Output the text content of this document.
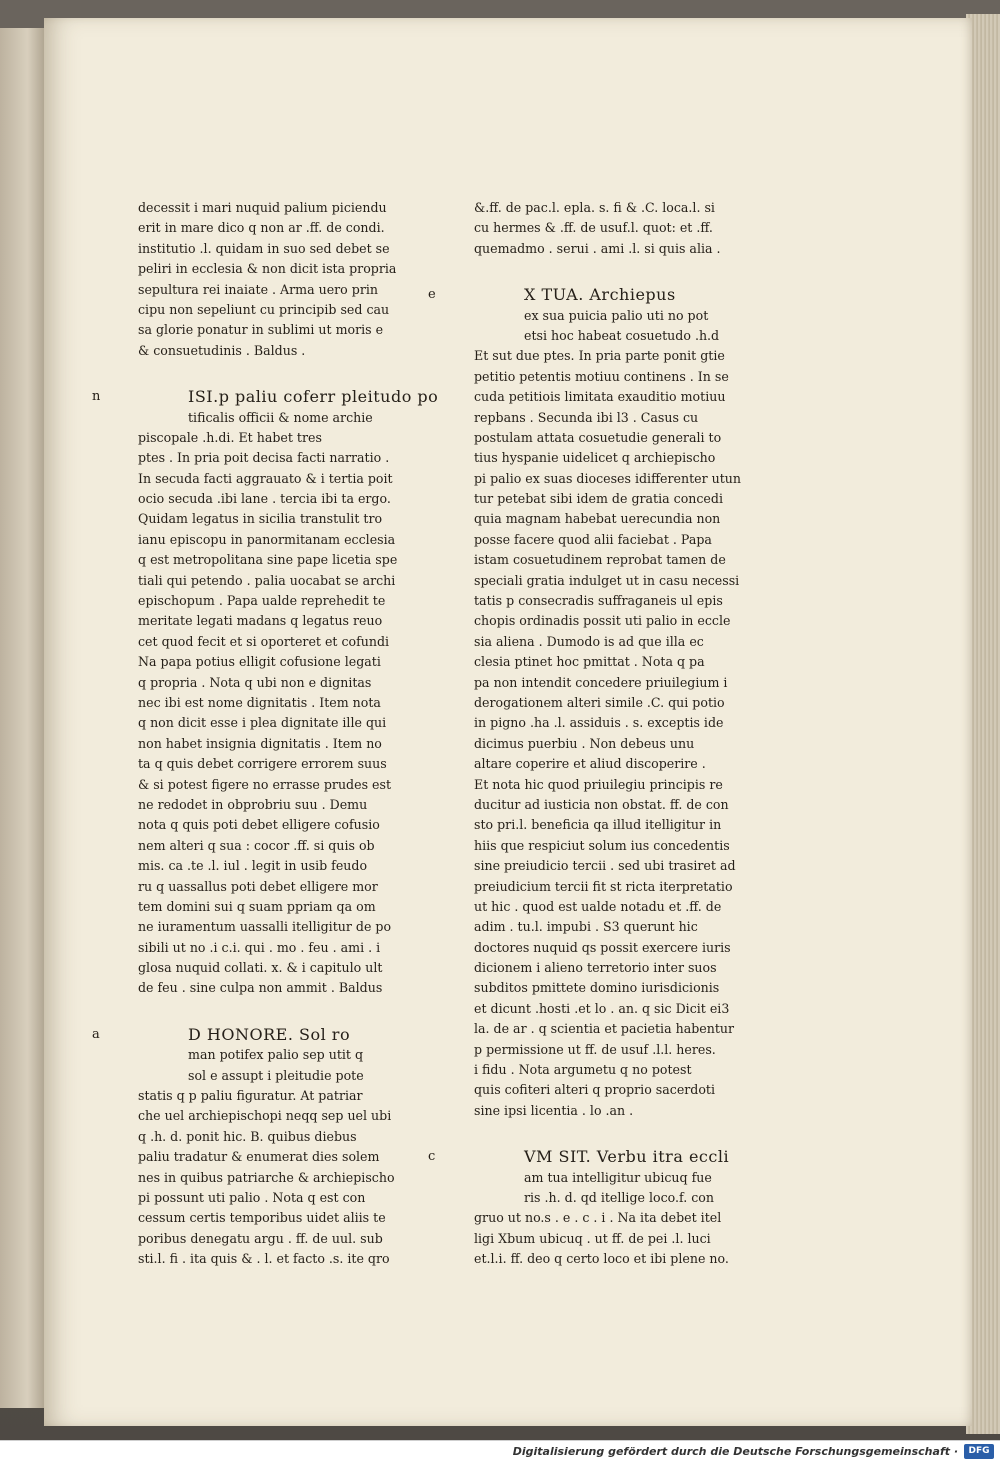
decessit i mari nuquid palium piciendu
erit in mare dico q non ar .ff. de condi.
institutio .l. quidam in suo sed debet se
peliri in ecclesia & non dicit ista propria
sepultura rei inaiate . Arma uero prin
cipu non sepeliunt cu principib sed cau
sa glorie ponatur in sublimi ut moris e
& consuetudinis . Baldus .
n	ISI.p paliu coferr pleitudo po
tificalis officii & nome archie
piscopale .h.di. Et habet tres
ptes . In pria poit decisa facti narratio .
In secuda facti aggrauato & i tertia poit
ocio secuda .ibi lane . tercia ibi ta ergo.
Quidam legatus in sicilia transtulit tro
ianu episcopu in panormitanam ecclesia
q est metropolitana sine pape licetia spe
tiali qui petendo . palia uocabat se archi
epischopum . Papa ualde reprehedit te
meritate legati madans q legatus reuo
cet quod fecit et si oporteret et cofundi
Na papa potius elligit cofusione legati
q propria . Nota q ubi non e dignitas
nec ibi est nome dignitatis . Item nota
q non dicit esse i plea dignitate ille qui
non habet insignia dignitatis . Item no
ta q quis debet corrigere errorem suus
& si potest figere no errasse prudes est
ne redodet in obprobriu suu . Demu
nota q quis poti debet elligere cofusio
nem alteri q sua : cocor .ff. si quis ob
mis. ca .te .l. iul . legit in usib feudo
ru q uassallus poti debet elligere mor
tem domini sui q suam ppriam qa om
ne iuramentum uassalli itelligitur de po
sibili ut no .i c.i. qui . mo . feu . ami . i
glosa nuquid collati. x. & i capitulo ult
de feu . sine culpa non ammit . Baldus
a	D HONORE. Sol ro
man potifex palio sep utit q
sol e assupt i pleitudie pote
statis q p paliu figuratur. At patriar
che uel archiepischopi neqq sep uel ubi
q .h. d. ponit hic. B. quibus diebus
paliu tradatur & enumerat dies solem
nes in quibus patriarche & archiepischo
pi possunt uti palio . Nota q est con
cessum certis temporibus uidet aliis te
poribus denegatu argu . ff. de uul. sub
sti.l. fi . ita quis & . l. et facto .s. ite qro
&.ff. de pac.l. epla. s. fi & .C. loca.l. si
cu hermes & .ff. de usuf.l. quot: et .ff.
quemadmo . serui . ami .l. si quis alia .
e	X TUA. Archiepus
ex sua puicia palio uti no pot
etsi hoc habeat cosuetudo .h.d
Et sut due ptes. In pria parte ponit gtie
petitio petentis motiuu continens . In se
cuda petitiois limitata exauditio motiuu
repbans . Secunda ibi l3 . Casus cu
postulam attata cosuetudie generali to
tius hyspanie uidelicet q archiepischo
pi palio ex suas dioceses idifferenter utun
tur petebat sibi idem de gratia concedi
quia magnam habebat uerecundia non
posse facere quod alii faciebat . Papa
istam cosuetudinem reprobat tamen de
speciali gratia indulget ut in casu necessi
tatis p consecradis suffraganeis ul epis
chopis ordinadis possit uti palio in eccle
sia aliena . Dumodo is ad que illa ec
clesia ptinet hoc pmittat . Nota q pa
pa non intendit concedere priuilegium i
derogationem alteri simile .C. qui potio
in pigno .ha .l. assiduis . s. exceptis ide
dicimus puerbiu . Non debeus unu
altare coperire et aliud discoperire .
Et nota hic quod priuilegiu principis re
ducitur ad iusticia non obstat. ff. de con
sto pri.l. beneficia qa illud itelligitur in
hiis que respiciut solum ius concedentis
sine preiudicio tercii . sed ubi trasiret ad
preiudicium tercii fit st ricta iterpretatio
ut hic . quod est ualde notadu et .ff. de
adim . tu.l. impubi . S3 querunt hic
doctores nuquid qs possit exercere iuris
dicionem i alieno terretorio inter suos
subditos pmittete domino iurisdicionis
et dicunt .hosti .et lo . an. q sic Dicit ei3
la. de ar . q scientia et pacietia habentur
p permissione ut ff. de usuf .l.l. heres.
i fidu . Nota argumetu q no potest
quis cofiteri alteri q proprio sacerdoti
sine ipsi licentia . lo .an .
c	VM SIT. Verbu itra eccli
am tua intelligitur ubicuq fue
ris .h. d. qd itellige loco.f. con
gruo ut no.s . e . c . i . Na ita debet itel
ligi Xbum ubicuq . ut ff. de pei .l. luci
et.l.i. ff. deo q certo loco et ibi plene no.
Digitalisierung gefördert durch die Deutsche Forschungsgemeinschaft ·	DFG
